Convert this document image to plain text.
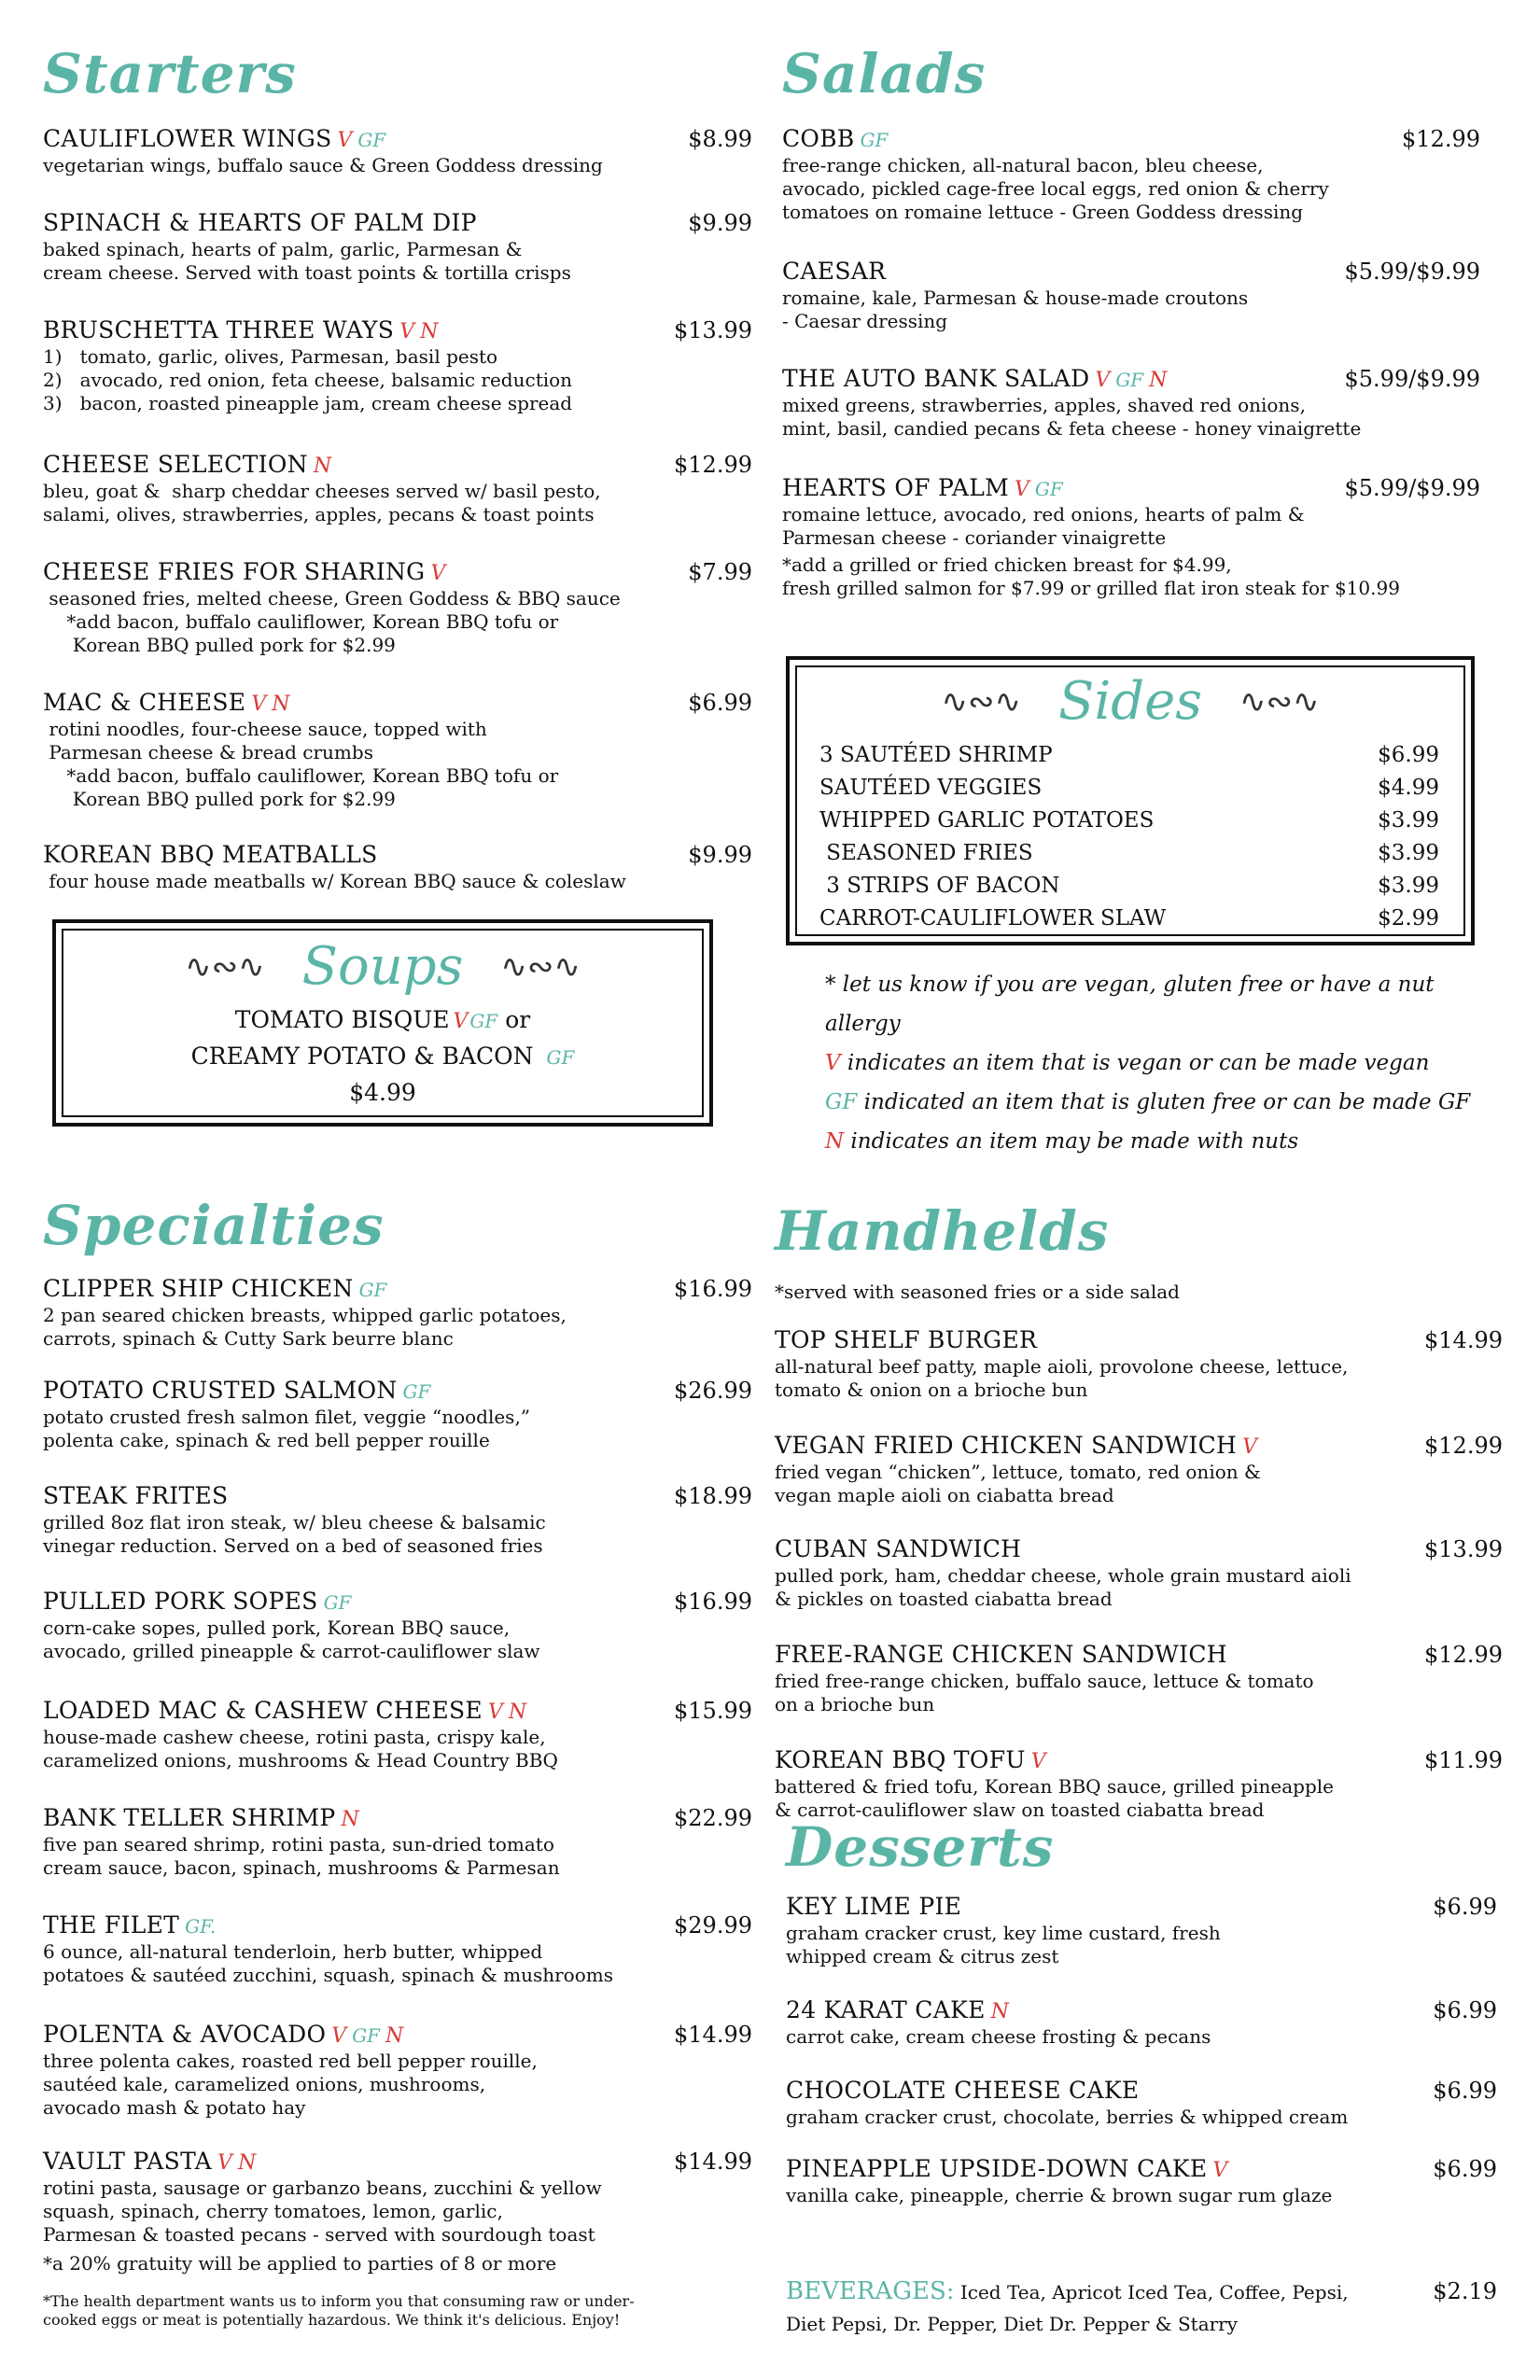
Starters
CAULIFLOWER WINGS V GF	$8.99
vegetarian wings, buffalo sauce & Green Goddess dressing
SPINACH & HEARTS OF PALM DIP	$9.99
baked spinach, hearts of palm, garlic, Parmesan &
cream cheese. Served with toast points & tortilla crisps
BRUSCHETTA THREE WAYS V N	$13.99
1)   tomato, garlic, olives, Parmesan, basil pesto
2)   avocado, red onion, feta cheese, balsamic reduction
3)   bacon, roasted pineapple jam, cream cheese spread
CHEESE SELECTION N	$12.99
bleu, goat &  sharp cheddar cheeses served w/ basil pesto,
salami, olives, strawberries, apples, pecans & toast points
CHEESE FRIES FOR SHARING V	$7.99
seasoned fries, melted cheese, Green Goddess & BBQ sauce
*add bacon, buffalo cauliflower, Korean BBQ tofu or
Korean BBQ pulled pork for $2.99
MAC & CHEESE V N	$6.99
rotini noodles, four-cheese sauce, topped with
Parmesan cheese & bread crumbs
*add bacon, buffalo cauliflower, Korean BBQ tofu or
Korean BBQ pulled pork for $2.99
KOREAN BBQ MEATBALLS	$9.99
four house made meatballs w/ Korean BBQ sauce & coleslaw
∿∾∿ Soups ∿∾∿
TOMATO BISQUE V GF or
CREAMY POTATO & BACON GF
$4.99
Salads
COBB GF	$12.99
free-range chicken, all-natural bacon, bleu cheese,
avocado, pickled cage-free local eggs, red onion & cherry
tomatoes on romaine lettuce - Green Goddess dressing
CAESAR	$5.99/$9.99
romaine, kale, Parmesan & house-made croutons
- Caesar dressing
THE AUTO BANK SALAD V GF N	$5.99/$9.99
mixed greens, strawberries, apples, shaved red onions,
mint, basil, candied pecans & feta cheese - honey vinaigrette
HEARTS OF PALM V GF	$5.99/$9.99
romaine lettuce, avocado, red onions, hearts of palm &
Parmesan cheese - coriander vinaigrette
*add a grilled or fried chicken breast for $4.99,
fresh grilled salmon for $7.99 or grilled flat iron steak for $10.99
∿∾∿ Sides ∿∾∿
3 SAUTÉED SHRIMP	$6.99
SAUTÉED VEGGIES	$4.99
WHIPPED GARLIC POTATOES	$3.99
SEASONED FRIES	$3.99
3 STRIPS OF BACON	$3.99
CARROT-CAULIFLOWER SLAW	$2.99
* let us know if you are vegan, gluten free or have a nut allergy
V indicates an item that is vegan or can be made vegan
GF indicated an item that is gluten free or can be made GF
N indicates an item may be made with nuts
Specialties
CLIPPER SHIP CHICKEN GF	$16.99
2 pan seared chicken breasts, whipped garlic potatoes,
carrots, spinach & Cutty Sark beurre blanc
POTATO CRUSTED SALMON GF	$26.99
potato crusted fresh salmon filet, veggie “noodles,”
polenta cake, spinach & red bell pepper rouille
STEAK FRITES	$18.99
grilled 8oz flat iron steak, w/ bleu cheese & balsamic
vinegar reduction. Served on a bed of seasoned fries
PULLED PORK SOPES GF	$16.99
corn-cake sopes, pulled pork, Korean BBQ sauce,
avocado, grilled pineapple & carrot-cauliflower slaw
LOADED MAC & CASHEW CHEESE V N	$15.99
house-made cashew cheese, rotini pasta, crispy kale,
caramelized onions, mushrooms & Head Country BBQ
BANK TELLER SHRIMP N	$22.99
five pan seared shrimp, rotini pasta, sun-dried tomato
cream sauce, bacon, spinach, mushrooms & Parmesan
THE FILET GF.	$29.99
6 ounce, all-natural tenderloin, herb butter, whipped
potatoes & sautéed zucchini, squash, spinach & mushrooms
POLENTA & AVOCADO V GF N	$14.99
three polenta cakes, roasted red bell pepper rouille,
sautéed kale, caramelized onions, mushrooms,
avocado mash & potato hay
VAULT PASTA V N	$14.99
rotini pasta, sausage or garbanzo beans, zucchini & yellow
squash, spinach, cherry tomatoes, lemon, garlic,
Parmesan & toasted pecans - served with sourdough toast
*a 20% gratuity will be applied to parties of 8 or more
*The health department wants us to inform you that consuming raw or under-
cooked eggs or meat is potentially hazardous. We think it's delicious. Enjoy!
Handhelds
*served with seasoned fries or a side salad
TOP SHELF BURGER	$14.99
all-natural beef patty, maple aioli, provolone cheese, lettuce,
tomato & onion on a brioche bun
VEGAN FRIED CHICKEN SANDWICH V	$12.99
fried vegan “chicken”, lettuce, tomato, red onion &
vegan maple aioli on ciabatta bread
CUBAN SANDWICH	$13.99
pulled pork, ham, cheddar cheese, whole grain mustard aioli
& pickles on toasted ciabatta bread
FREE-RANGE CHICKEN SANDWICH	$12.99
fried free-range chicken, buffalo sauce, lettuce & tomato
on a brioche bun
KOREAN BBQ TOFU V	$11.99
battered & fried tofu, Korean BBQ sauce, grilled pineapple
& carrot-cauliflower slaw on toasted ciabatta bread
Desserts
KEY LIME PIE	$6.99
graham cracker crust, key lime custard, fresh
whipped cream & citrus zest
24 KARAT CAKE N	$6.99
carrot cake, cream cheese frosting & pecans
CHOCOLATE CHEESE CAKE	$6.99
graham cracker crust, chocolate, berries & whipped cream
PINEAPPLE UPSIDE-DOWN CAKE V	$6.99
vanilla cake, pineapple, cherrie & brown sugar rum glaze
BEVERAGES: Iced Tea, Apricot Iced Tea, Coffee, Pepsi,	$2.19
Diet Pepsi, Dr. Pepper, Diet Dr. Pepper & Starry
